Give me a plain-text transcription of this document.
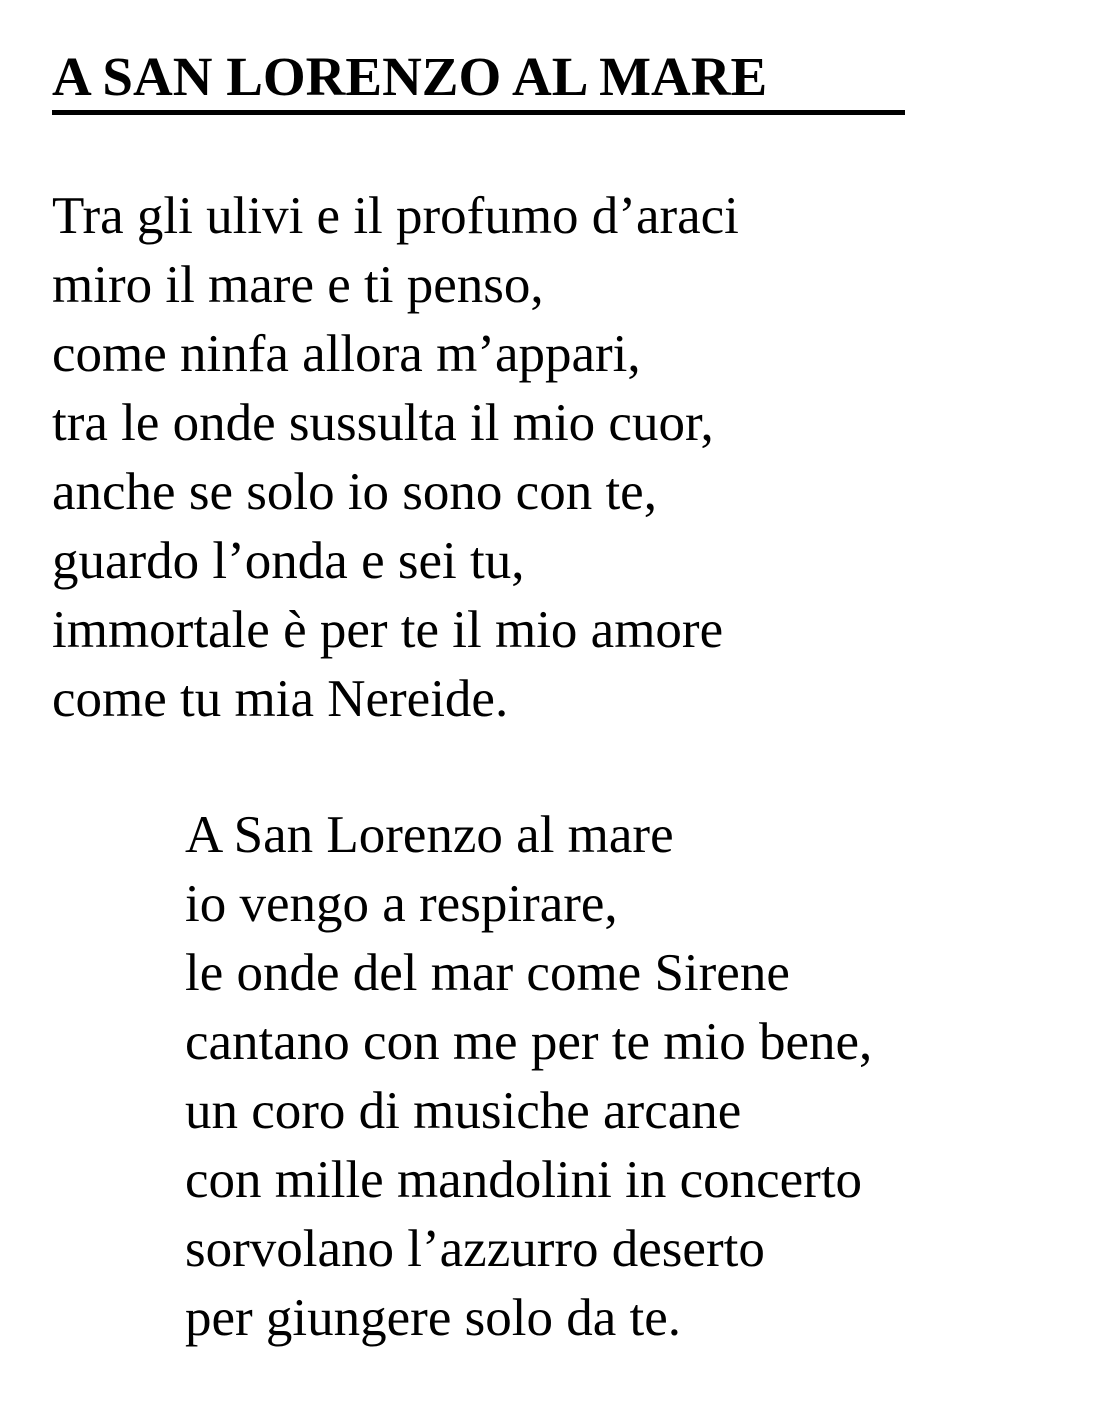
A SAN LORENZO AL MARE
Tra gli ulivi e il profumo d’araci
miro il mare e ti penso,
come ninfa allora m’appari,
tra le onde sussulta il mio cuor,
anche se solo io sono con te,
guardo l’onda e sei tu,
immortale è per te il mio amore
come tu mia Nereide.
A San Lorenzo al mare
io vengo a respirare,
le onde del mar come Sirene
cantano con me per te mio bene,
un coro di musiche arcane
con mille mandolini in concerto
sorvolano l’azzurro deserto
per giungere solo da te.
